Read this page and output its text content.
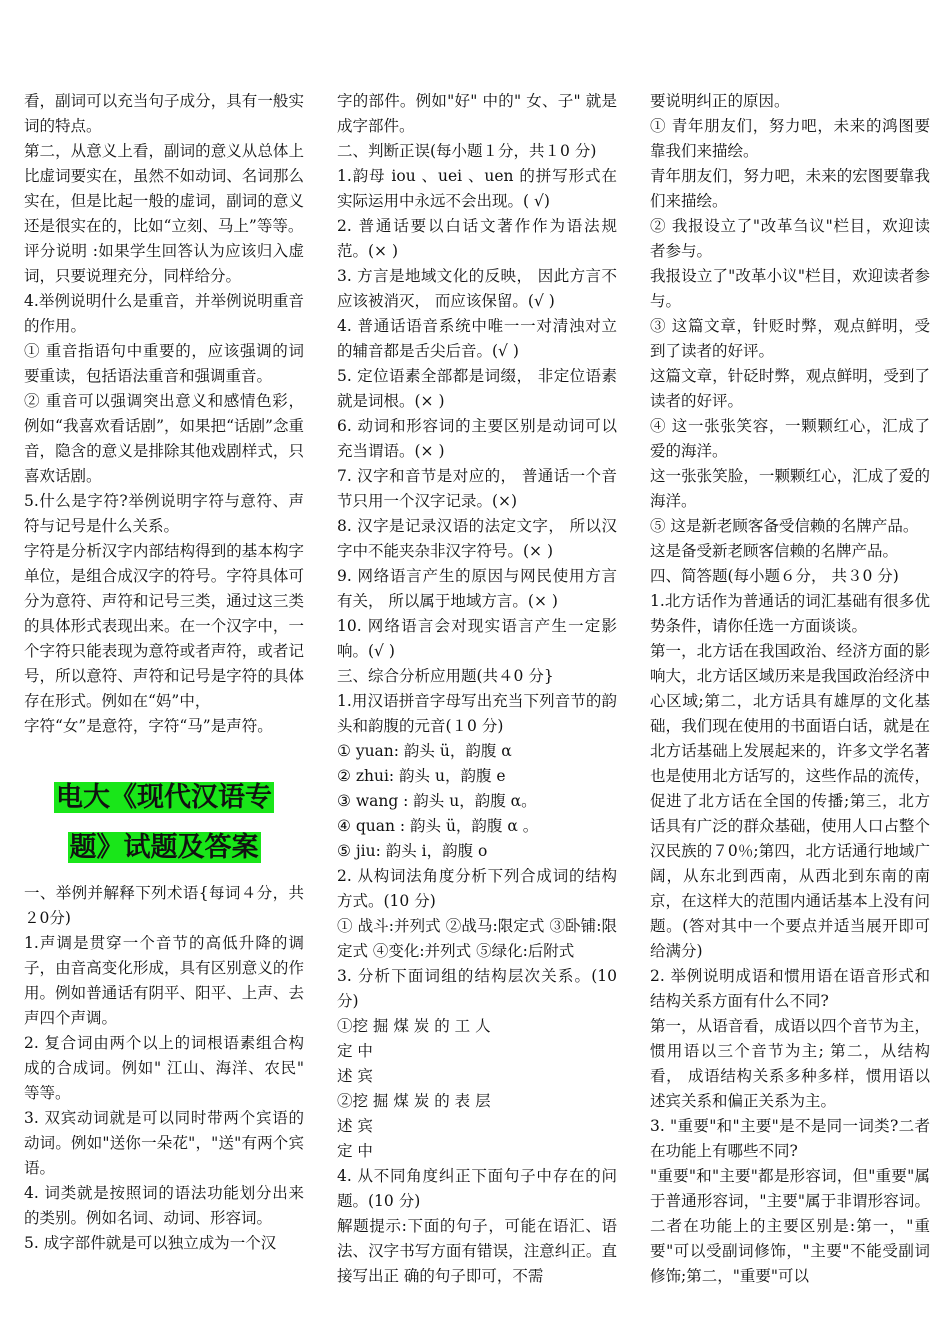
看，副词可以充当句子成分，具有一般实词的特点。

第二，从意义上看，副词的意义从总体上比虚词要实在，虽然不如动词、名词那么实在，但是比起一般的虚词，副词的意义还是很实在的，比如“立刻、马上”等等。

评分说明 :如果学生回答认为应该归入虚词，只要说理充分，同样给分。

4.举例说明什么是重音，并举例说明重音的作用。

① 重音指语句中重要的，应该强调的词要重读，包括语法重音和强调重音。

② 重音可以强调突出意义和感情色彩，例如“我喜欢看话剧”，如果把“话剧”念重音，隐含的意义是排除其他戏剧样式，只喜欢话剧。

5.什么是字符?举例说明字符与意符、声符与记号是什么关系。

字符是分析汉字内部结构得到的基本构字单位，是组合成汉字的符号。字符具体可分为意符、声符和记号三类，通过这三类的具体形式表现出来。在一个汉字中，一个字符只能表现为意符或者声符，或者记号，所以意符、声符和记号是字符的具体存在形式。例如在“妈”中，

字符“女”是意符，字符“马”是声符。

电大《现代汉语专
题》试题及答案

一、举例并解释下列术语{每词４分，共２0分)

1.声调是贯穿一个音节的高低升降的调子，由音高变化形成，具有区别意义的作用。例如普通话有阴平、阳平、上声、去声四个声调。

2. 复合词由两个以上的词根语素组合构成的合成词。例如" 江山、海洋、农民" 等等。

3. 双宾动词就是可以同时带两个宾语的动词。例如"送你一朵花"，"送"有两个宾语。

4. 词类就是按照词的语法功能划分出来的类别。例如名词、动词、形容词。

5. 成字部件就是可以独立成为一个汉

字的部件。例如"好" 中的" 女、子" 就是成字部件。

二、判断正误(每小题１分，共１0 分)

1.韵母 iou 、uei 、uen 的拼写形式在实际运用中永远不会出现。( √)

2. 普通话要以白话文著作作为语法规范。(× )

3. 方言是地域文化的反映， 因此方言不应该被消灭， 而应该保留。(√ )

4. 普通话语音系统中唯一一对清浊对立的辅音都是舌尖后音。(√ )

5. 定位语素全部都是词缀， 非定位语素就是词根。(× )

6. 动词和形容词的主要区别是动词可以充当谓语。(× )

7. 汉字和音节是对应的， 普通话一个音节只用一个汉字记录。(×)

8. 汉字是记录汉语的法定文字， 所以汉字中不能夹杂非汉字符号。(× )

9. 网络语言产生的原因与网民使用方言有关， 所以属于地域方言。(× )

10. 网络语言会对现实语言产生一定影响。(√ )

三、综合分析应用题(共４0 分}

1.用汉语拼音字母写出充当下列音节的韵头和韵腹的元音(１0 分)

① yuan: 韵头 ü，韵腹 α

② zhui: 韵头 u，韵腹 e

③ wang : 韵头 u，韵腹 α。

④ quan : 韵头 ü，韵腹 α 。

⑤ jiu: 韵头 i，韵腹 o

2. 从构词法角度分析下列合成词的结构方式。(10 分)

① 战斗:并列式 ②战马:限定式 ③卧铺:限定式 ④变化:并列式 ⑤绿化:后附式

3. 分析下面词组的结构层次关系。(10 分)

①挖 掘 煤 炭 的 工 人

定 中

述 宾

②挖 掘 煤 炭 的 表 层

述 宾

定 中

4. 从不同角度纠正下面句子中存在的问题。(10 分)

解题提示:下面的句子，可能在语汇、语法、汉字书写方面有错误，注意纠正。直接写出正 确的句子即可，不需

要说明纠正的原因。

① 青年朋友们，努力吧，未来的鸿图要靠我们来描绘。

青年朋友们，努力吧，未来的宏图要靠我们来描绘。

② 我报设立了"改革刍议"栏目，欢迎读者参与。

我报设立了"改革小议"栏目，欢迎读者参与。

③ 这篇文章，针贬时弊，观点鲜明，受到了读者的好评。

这篇文章，针砭时弊，观点鲜明，受到了读者的好评。

④ 这一张张笑容，一颗颗红心，汇成了爱的海洋。

这一张张笑脸，一颗颗红心，汇成了爱的海洋。

⑤ 这是新老顾客备受信赖的名牌产品。

这是备受新老顾客信赖的名牌产品。

四、简答题(每小题６分， 共３0 分)

1.北方话作为普通话的词汇基础有很多优势条件，请你任选一方面谈谈。

第一，北方话在我国政治、经济方面的影响大，北方话区域历来是我国政治经济中心区域;第二，北方话具有雄厚的文化基础，我们现在使用的书面语白话，就是在北方话基础上发展起来的，许多文学名著也是使用北方话写的，这些作品的流传，促进了北方话在全国的传播;第三，北方话具有广泛的群众基础，使用人口占整个汉民族的７0％;第四，北方话通行地域广阔，从东北到西南，从西北到东南的南京，在这样大的范围内通话基本上没有问题。(答对其中一个要点并适当展开即可给满分)

2. 举例说明成语和惯用语在语音形式和结构关系方面有什么不同?

第一，从语音看，成语以四个音节为主，惯用语以三个音节为主; 第二，从结构看， 成语结构关系多种多样，惯用语以述宾关系和偏正关系为主。

3. "重要"和"主要"是不是同一词类?二者在功能上有哪些不同?

"重要"和"主要"都是形容词，但"重要"属于普通形容词，"主要"属于非谓形容词。二者在功能上的主要区别是:第一，"重要"可以受副词修饰，"主要"不能受副词修饰;第二，"重要"可以
